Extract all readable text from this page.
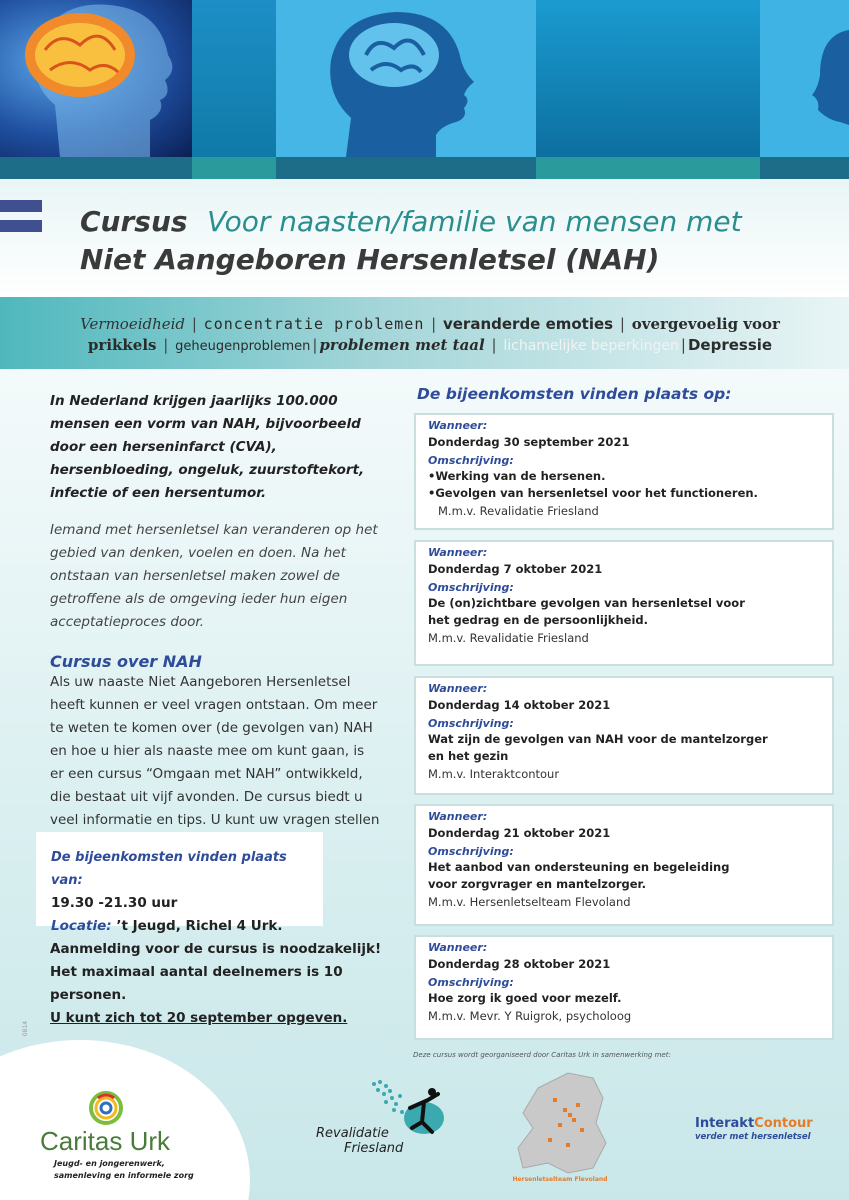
Cursus Voor naasten/familie van mensen met
Niet Aangeboren Hersenletsel (NAH)
Vermoeidheid | concentratie problemen | veranderde emoties | overgevoelig voor
prikkels | geheugenproblemen | problemen met taal | lichamelijke beperkingen | Depressie

In Nederland krijgen jaarlijks 100.000 mensen een vorm van NAH, bijvoorbeeld door een herseninfarct (CVA), hersenbloeding, ongeluk, zuurstoftekort, infectie of een hersentumor.

Iemand met hersenletsel kan veranderen op het gebied van denken, voelen en doen. Na het ontstaan van hersenletsel maken zowel de getroffene als de omgeving ieder hun eigen acceptatieproces door.

Cursus over NAH

Als uw naaste Niet Aangeboren Hersenletsel heeft kunnen er veel vragen ontstaan. Om meer te weten te komen over (de gevolgen van) NAH en hoe u hier als naaste mee om kunt gaan, is er een cursus “Omgaan met NAH” ontwikkeld, die bestaat uit vijf avonden. De cursus biedt u veel informatie en tips. U kunt uw vragen stellen

De bijeenkomsten vinden plaats van:
19.30 -21.30 uur
Locatie: ’t Jeugd, Richel 4 Urk.
Aanmelding voor de cursus is noodzakelijk!
Het maximaal aantal deelnemers is 10 personen.
U kunt zich tot 20 september opgeven.
De bijeenkomsten vinden plaats op:
Wanneer:
Donderdag 30 september 2021
Omschrijving:
•Werking van de hersenen.
•Gevolgen van hersenletsel voor het functioneren.
M.m.v. Revalidatie Friesland
Wanneer:
Donderdag 7 oktober 2021
Omschrijving:
De (on)zichtbare gevolgen van hersenletsel voor
het gedrag en de persoonlijkheid.
M.m.v. Revalidatie Friesland
Wanneer:
Donderdag 14 oktober 2021
Omschrijving:
Wat zijn de gevolgen van NAH voor de mantelzorger
en het gezin
M.m.v. Interaktcontour
Wanneer:
Donderdag 21 oktober 2021
Omschrijving:
Het aanbod van ondersteuning en begeleiding
voor zorgvrager en mantelzorger.
M.m.v. Hersenletselteam Flevoland
Wanneer:
Donderdag 28 oktober 2021
Omschrijving:
Hoe zorg ik goed voor mezelf.
M.m.v. Mevr. Y Ruigrok, psycholoog
Deze cursus wordt georganiseerd door Caritas Urk in samenwerking met:
0814
Caritas Urk
Jeugd- en jongerenwerk,
samenleving en informele zorg
Revalidatie
Friesland
Hersenletselteam Flevoland
InteraktContour
verder met hersenletsel
